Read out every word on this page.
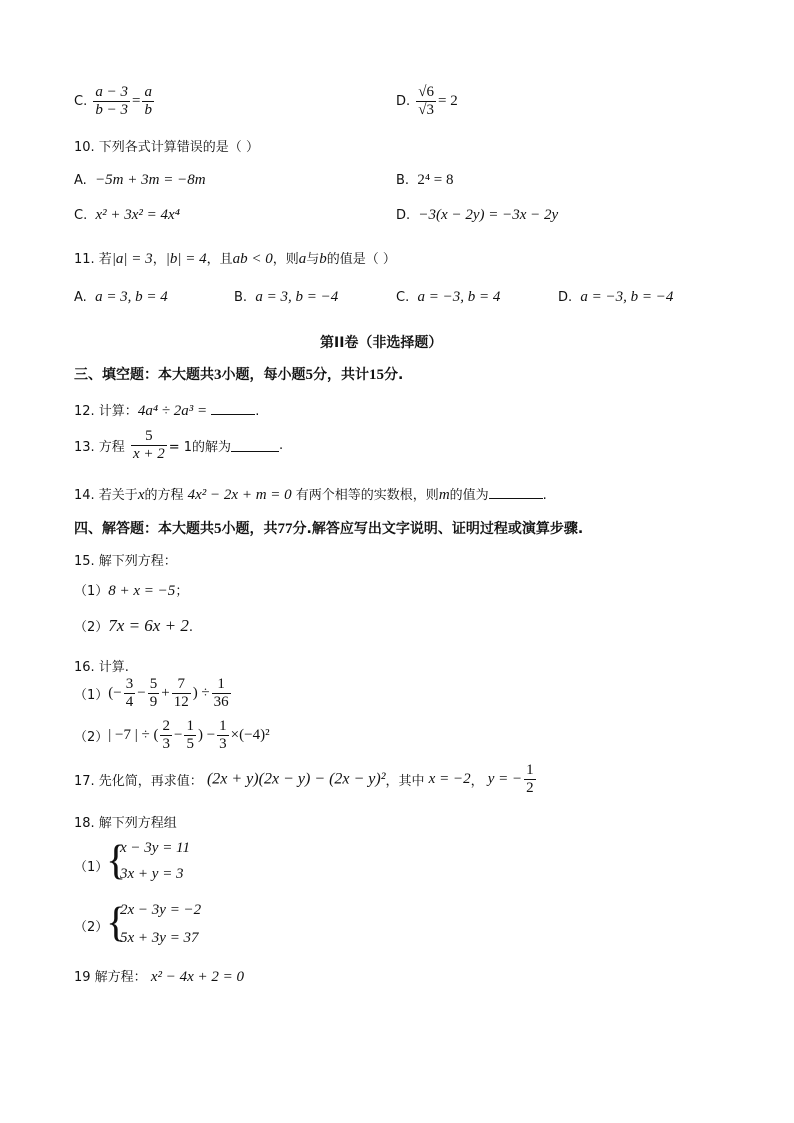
C. $\frac{a - 3}{b - 3} = \frac{a}{b}$	D. $\frac{√6}{√3} = 2$
10. 下列各式计算错误的是（ ）
A. −5m + 3m = −8m	B. 2⁴ = 8
C. x² + 3x² = 4x⁴	D. −3(x − 2y) = −3x − 2y
11. 若|a| = 3，|b| = 4，且ab < 0，则a与b的值是（ ）
A. a = 3, b = 4	B. a = 3, b = −4	C. a = −3, b = 4	D. a = −3, b = −4
第II卷（非选择题）
三、填空题：本大题共3小题，每小题5分，共计15分.
12. 计算：4a⁴ ÷ 2a³ =	.
13. 方程 $\frac{5}{x + 2} = 1$的解为	.
14. 若关于x的方程 4x² − 2x + m = 0 有两个相等的实数根，则m的值为	.
四、解答题：本大题共5小题，共77分.解答应写出文字说明、证明过程或演算步骤.
15. 解下列方程：
（1）8 + x = −5；
（2）7x = 6x + 2.
16. 计算.
$(1)(- \frac{3}{4} - \frac{5}{9} + \frac{7}{12}$ ) ÷ $\frac{1}{36}$
（2）| −7 | ÷ ( $\frac{2}{3} - \frac{1}{5}$ ) − $\frac{1}{3} \times(-4)^2$
17. 先化简，再求值： (2x + y)(2x − y) − (2x − y)²，其中 x = −2， y = − $\frac{1}{2}$
18. 解下列方程组
（1）
{
x − 3y = 11
3x + y = 3
（2）
{
2x − 3y = −2
5x + 3y = 37
19 解方程： x² − 4x + 2 = 0
